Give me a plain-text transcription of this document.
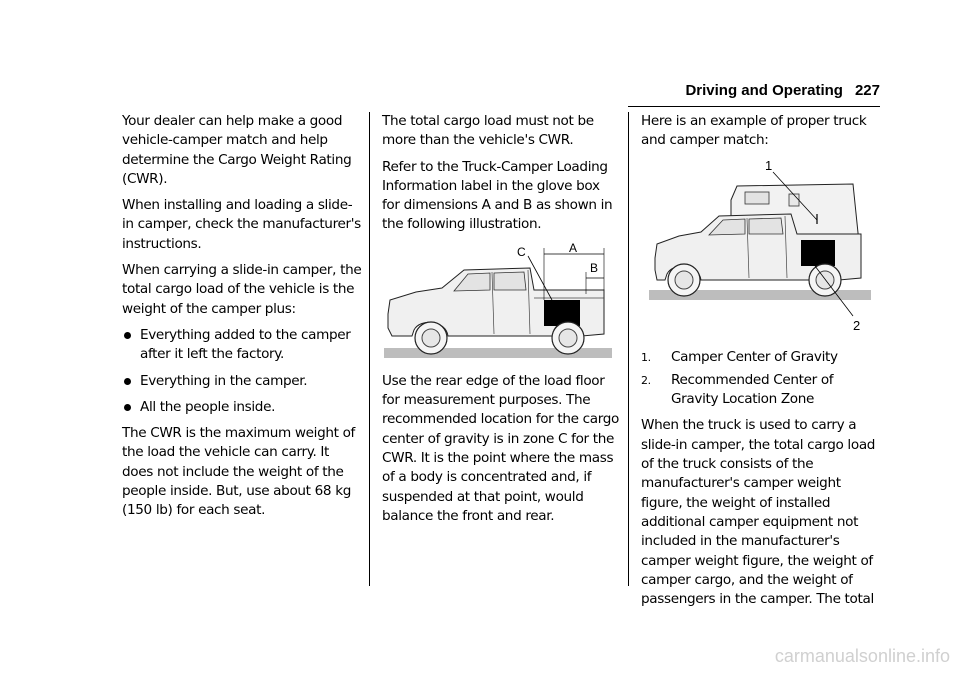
Driving and Operating 227

Your dealer can help make a good vehicle-camper match and help determine the Cargo Weight Rating (CWR).

When installing and loading a slide-in camper, check the manufacturer's instructions.

When carrying a slide-in camper, the total cargo load of the vehicle is the weight of the camper plus:

Everything added to the camper after it left the factory.
Everything in the camper.
All the people inside.

The CWR is the maximum weight of the load the vehicle can carry. It does not include the weight of the people inside. But, use about 68 kg (150 lb) for each seat.

The total cargo load must not be more than the vehicle's CWR.

Refer to the Truck-Camper Loading Information label in the glove box for dimensions A and B as shown in the following illustration.

C	A
B

Use the rear edge of the load floor for measurement purposes. The recommended location for the cargo center of gravity is in zone C for the CWR. It is the point where the mass of a body is concentrated and, if suspended at that point, would balance the front and rear.

Here is an example of proper truck and camper match:

1
2
1. Camper Center of Gravity
2. Recommended Center of Gravity Location Zone

When the truck is used to carry a slide-in camper, the total cargo load of the truck consists of the manufacturer's camper weight figure, the weight of installed additional camper equipment not included in the manufacturer's camper weight figure, the weight of camper cargo, and the weight of passengers in the camper. The total

carmanualsonline.info
